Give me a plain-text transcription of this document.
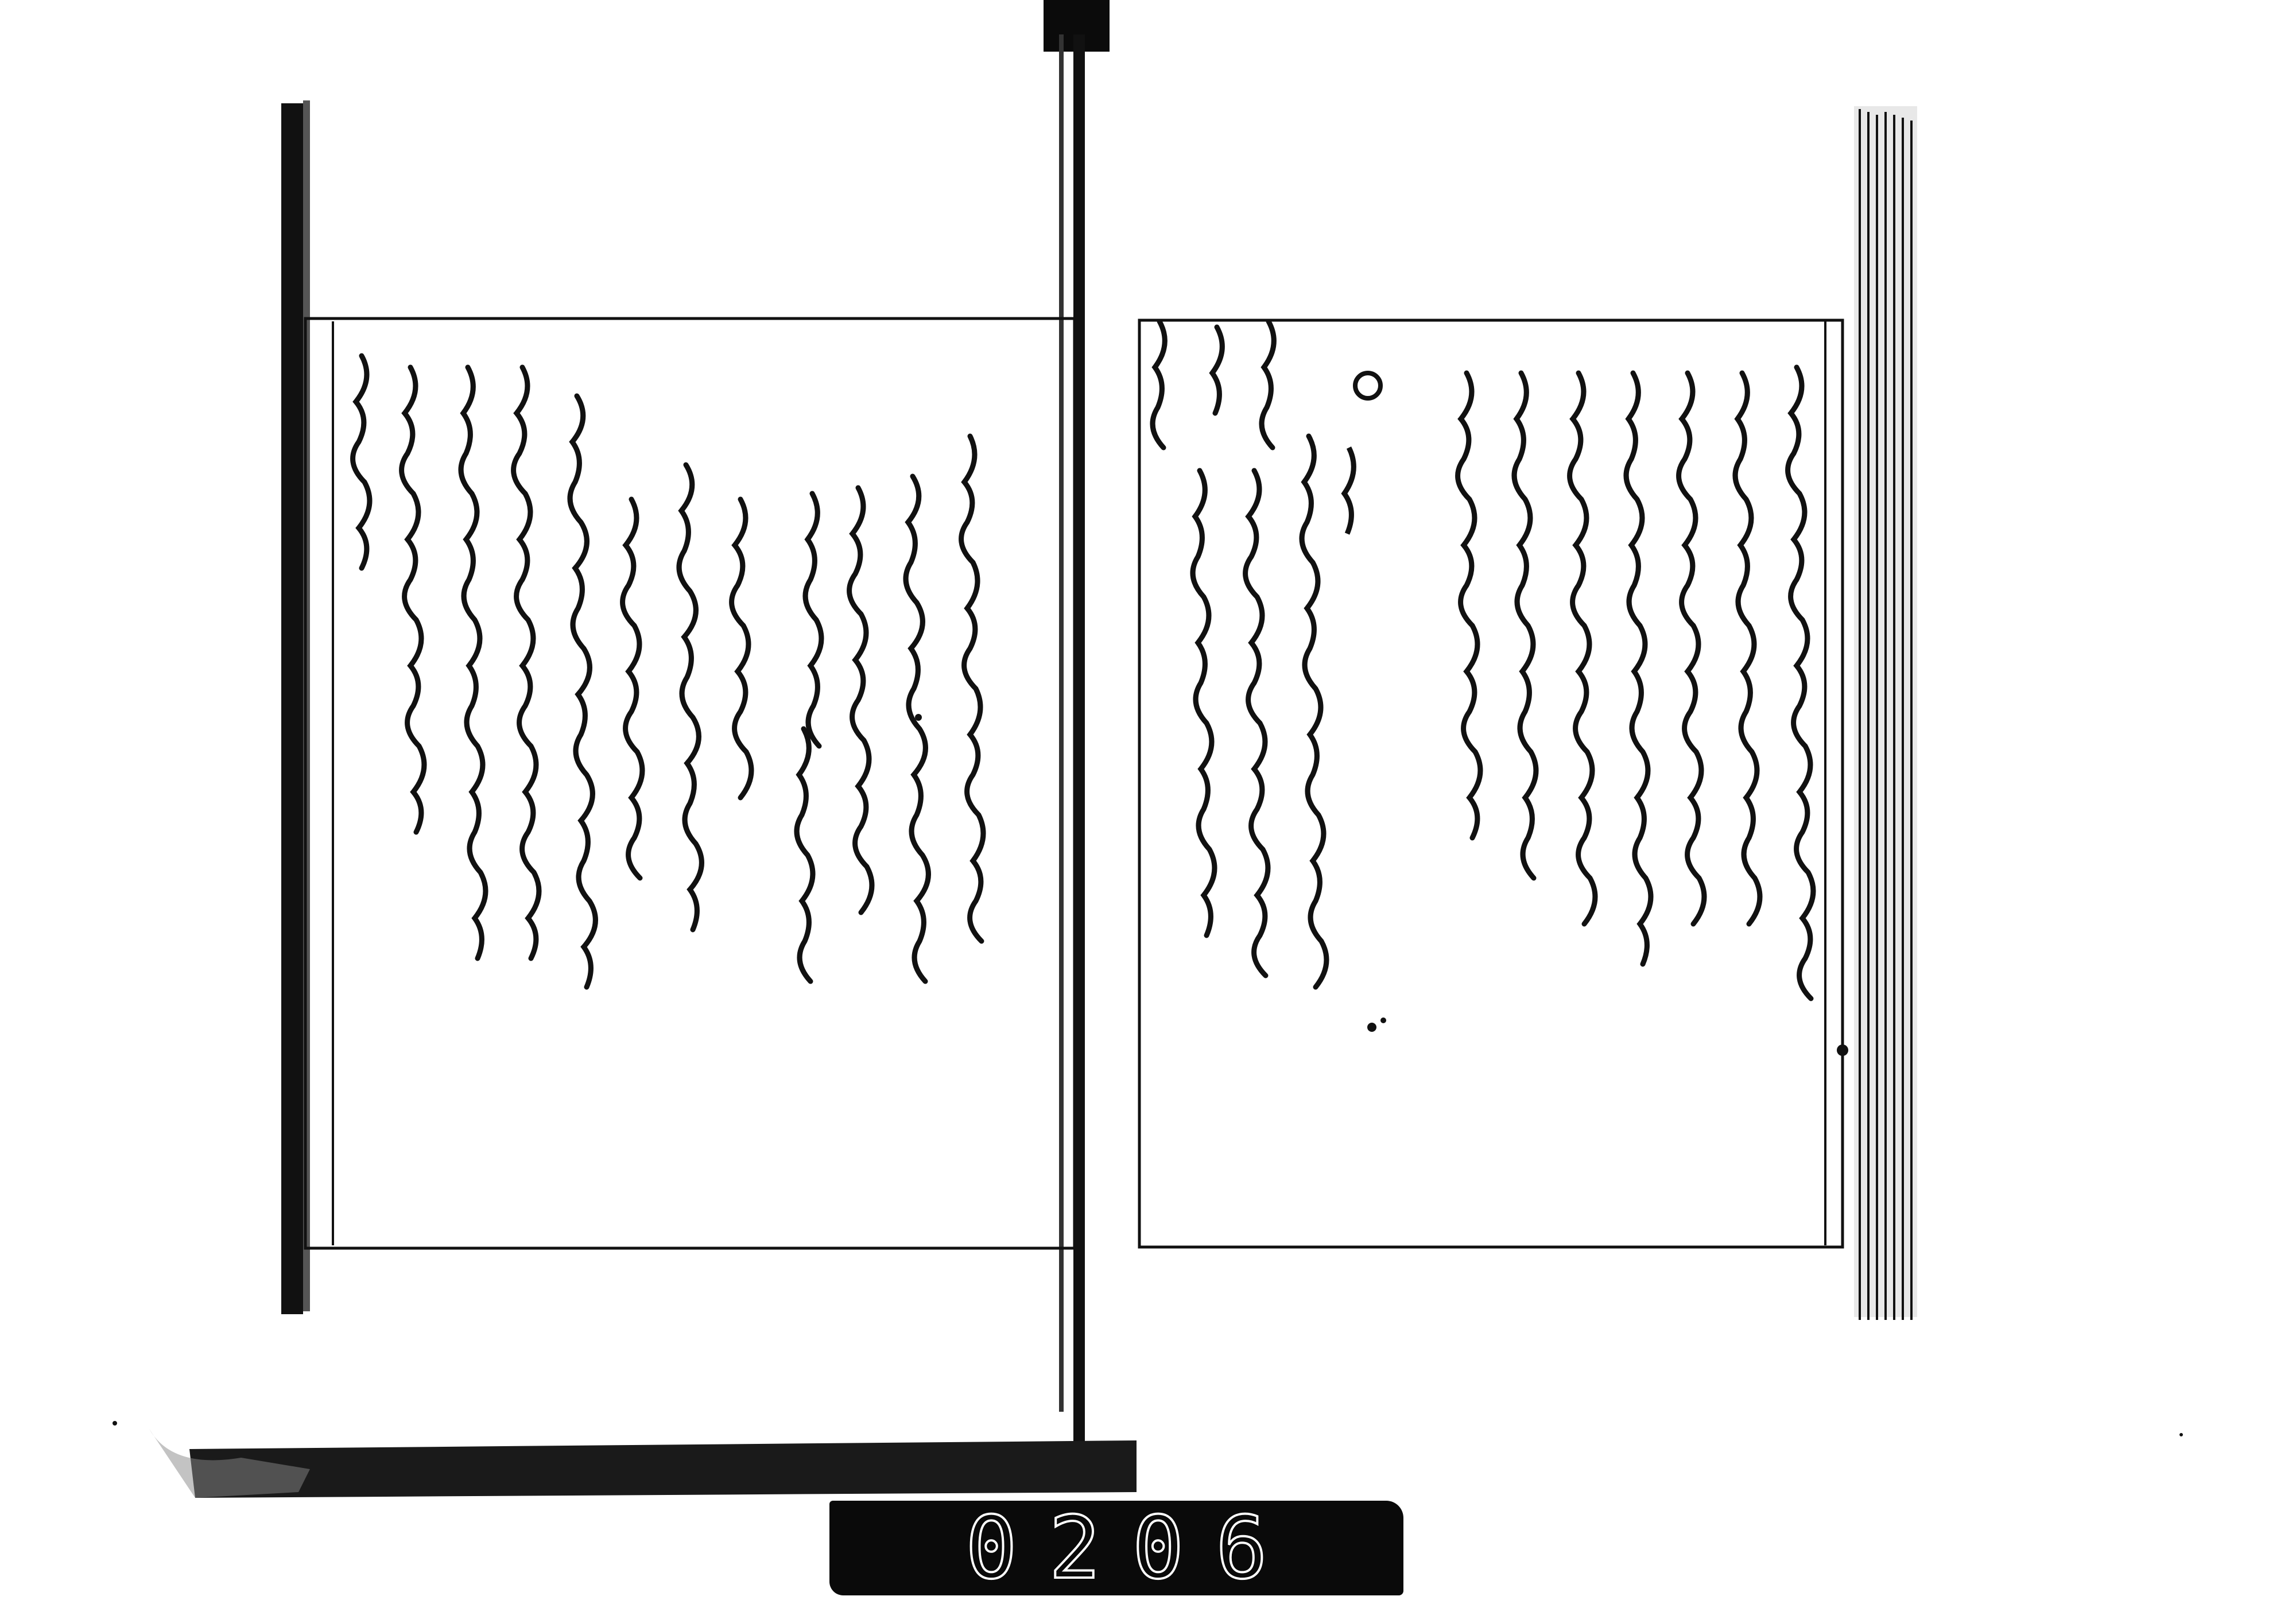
0206
